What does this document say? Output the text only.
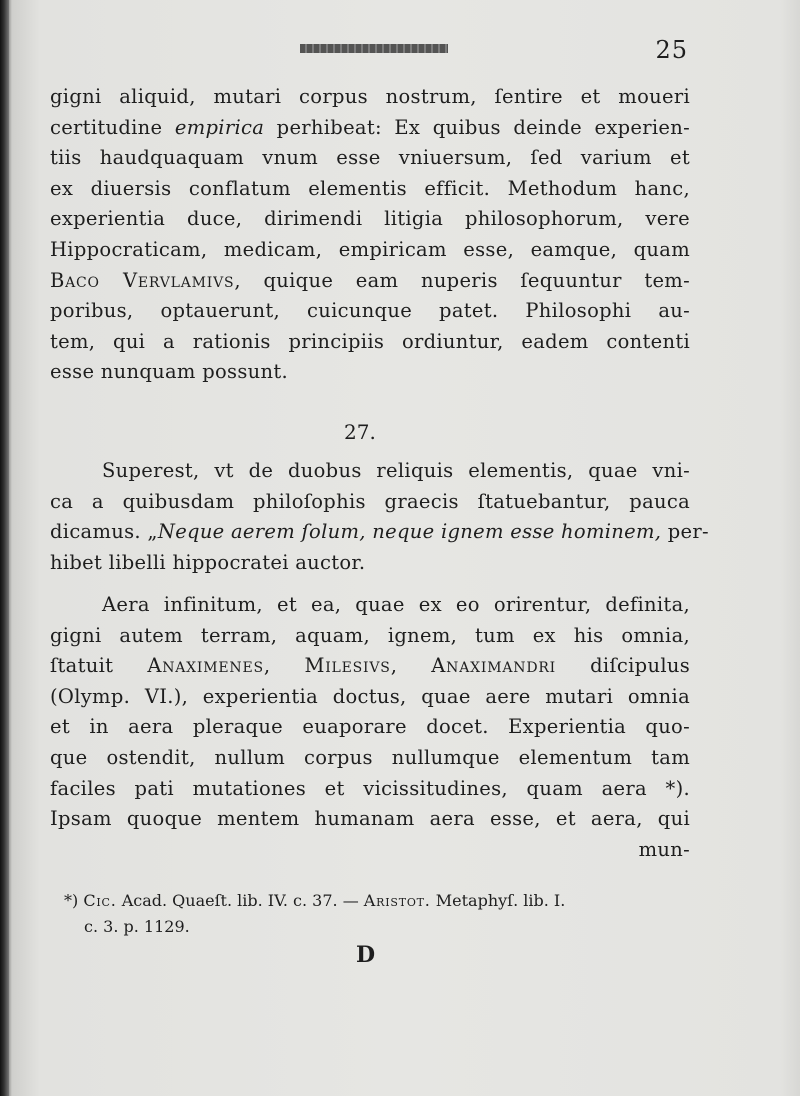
25
gigni aliquid, mutari corpus nostrum, ſentire et moueri
certitudine empirica perhibeat: Ex quibus deinde experien-
tiis haudquaquam vnum esse vniuersum, ſed varium et
ex diuersis conflatum elementis efficit. Methodum hanc,
experientia duce, dirimendi litigia philosophorum, vere
Hippocraticam, medicam, empiricam esse, eamque, quam
Baco Vervlamivs, quique eam nuperis ſequuntur tem-
poribus, optauerunt, cuicunque patet. Philosophi au-
tem, qui a rationis principiis ordiuntur, eadem contenti
esse nunquam possunt.
27.
Superest, vt de duobus reliquis elementis, quae vni-
ca a quibusdam philoſophis graecis ſtatuebantur, pauca
dicamus. „Neque aerem ſolum, neque ignem esse hominem, per-
hibet libelli hippocratei auctor.
Aera infinitum, et ea, quae ex eo orirentur, definita,
gigni autem terram, aquam, ignem, tum ex his omnia,
ſtatuit Anaximenes, Milesivs, Anaximandri diſcipulus
(Olymp. VI.), experientia doctus, quae aere mutari omnia
et in aera pleraque euaporare docet. Experientia quo-
que ostendit, nullum corpus nullumque elementum tam
faciles pati mutationes et vicissitudines, quam aera *).
Ipsam quoque mentem humanam aera esse, et aera, qui
mun-
*) Cic. Acad. Quaeſt. lib. IV. c. 37. — Aristot. Metaphyſ. lib. I.
c. 3. p. 1129.
D
